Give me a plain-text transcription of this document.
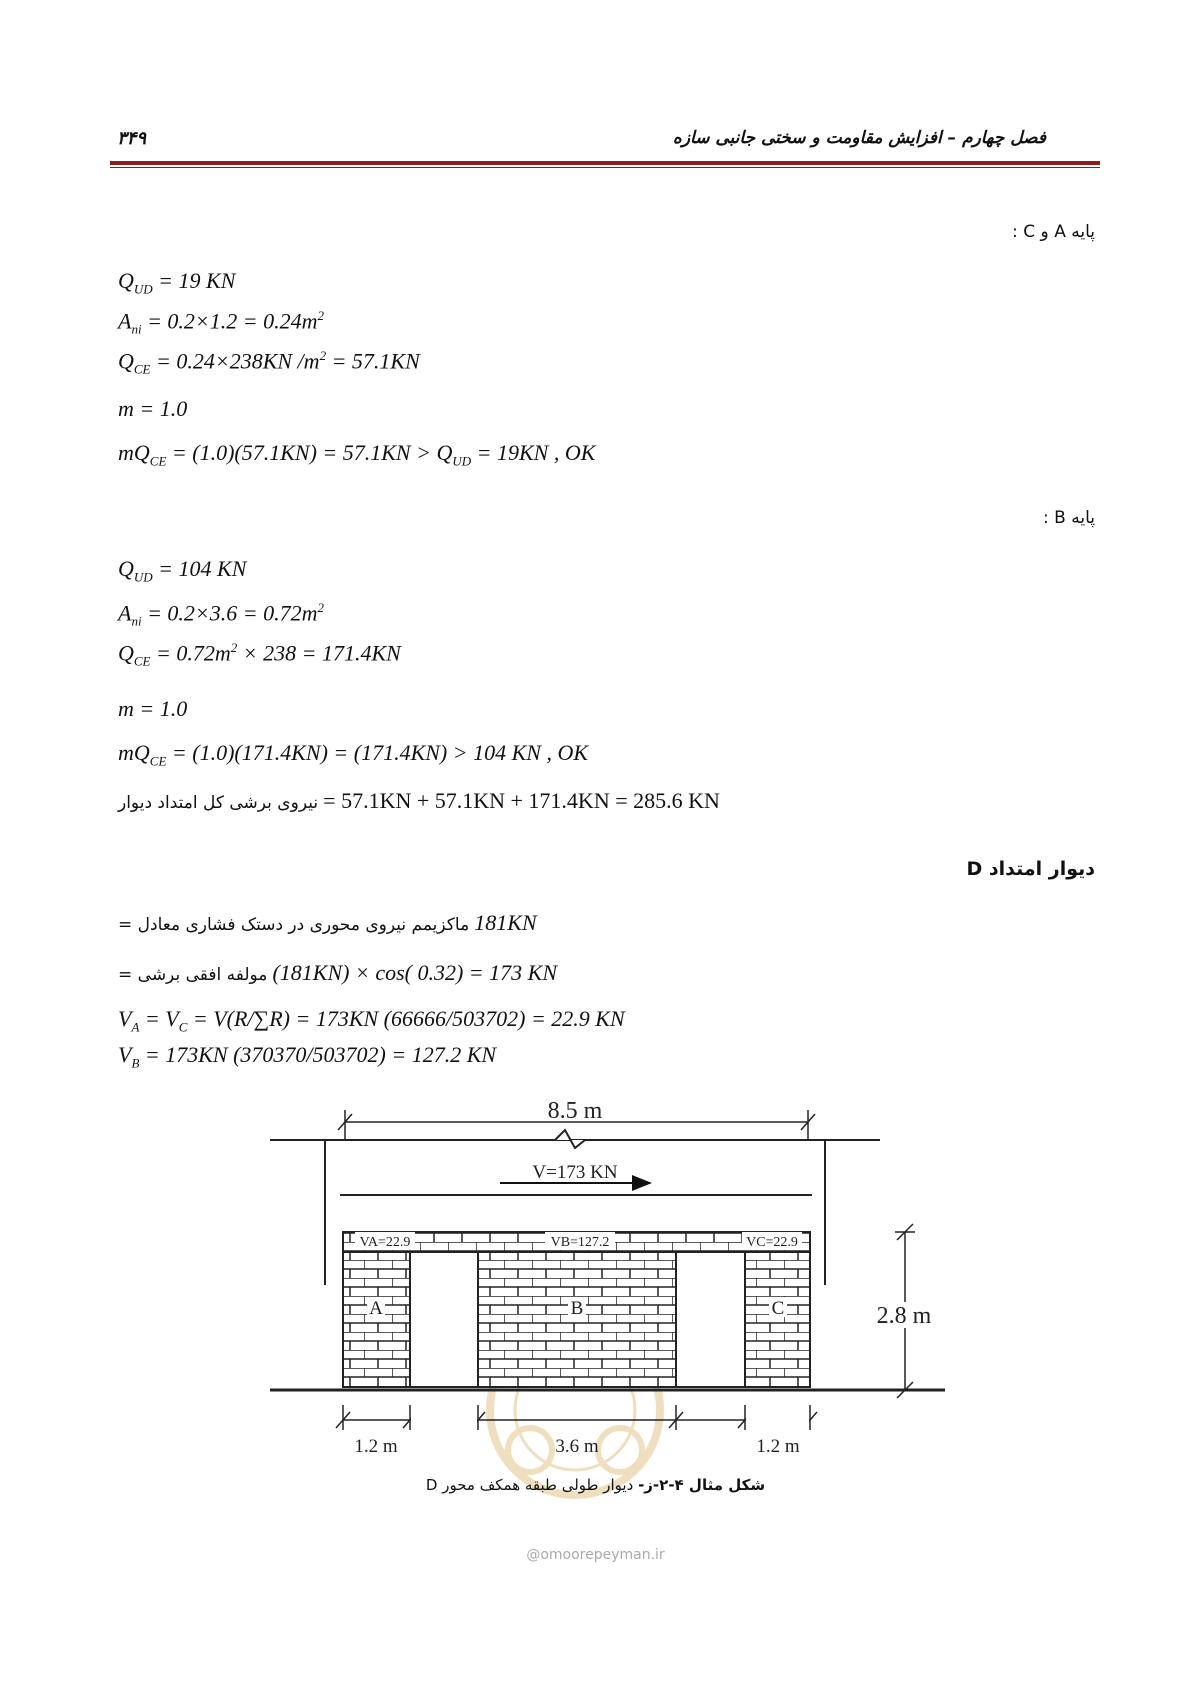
فصل چهارم – افزایش مقاومت و سختی جانبی سازه
۳۴۹
پایه A و C :
$Q_{UD} = 19$ KN
$A_{ni} = 0.2\times 1.2 = 0.24m^2$
$Q_{CE} = 0.24\times 238KN$ $/m^2 = 57.1KN$
m = 1.0
$mQ_{CE} = (1.0)(57.1KN) = 57.1KN > Q_{UD} = 19KN$ , OK
پایه B :
$Q_{UD} = 104$ KN
$A_{ni} = 0.2\times 3.6 = 0.72m^2$
$Q_{CE} = 0.72m^2 \times 238 = 171.4KN$
m = 1.0
$mQ_{CE} = (1.0)(171.4KN) = (171.4KN) > 104$ KN , OK
نیروی برشی کل امتداد دیوار = 57.1KN + 57.1KN + 171.4KN = 285.6 KN
دیوار امتداد D
ماکزیمم نیروی محوری در دستک فشاری معادل = 181KN
مولفه افقی برشی = (181KN) × cos( 0.32) = 173 KN
$V_A = V_C = V(R/\sum R) = 173KN$ (66666/503702) = 22.9 KN
$V_B = 173KN$ (370370/503702) = 127.2 KN
8.5 m
V=173 KN
VA=22.9	VB=127.2	VC=22.9
A	B	C	2.8 m
1.2 m	3.6 m	1.2 m
شکل مثال ۴-۲-ز- دیوار طولی طبقه همکف محور D
@omoorepeyman.ir
